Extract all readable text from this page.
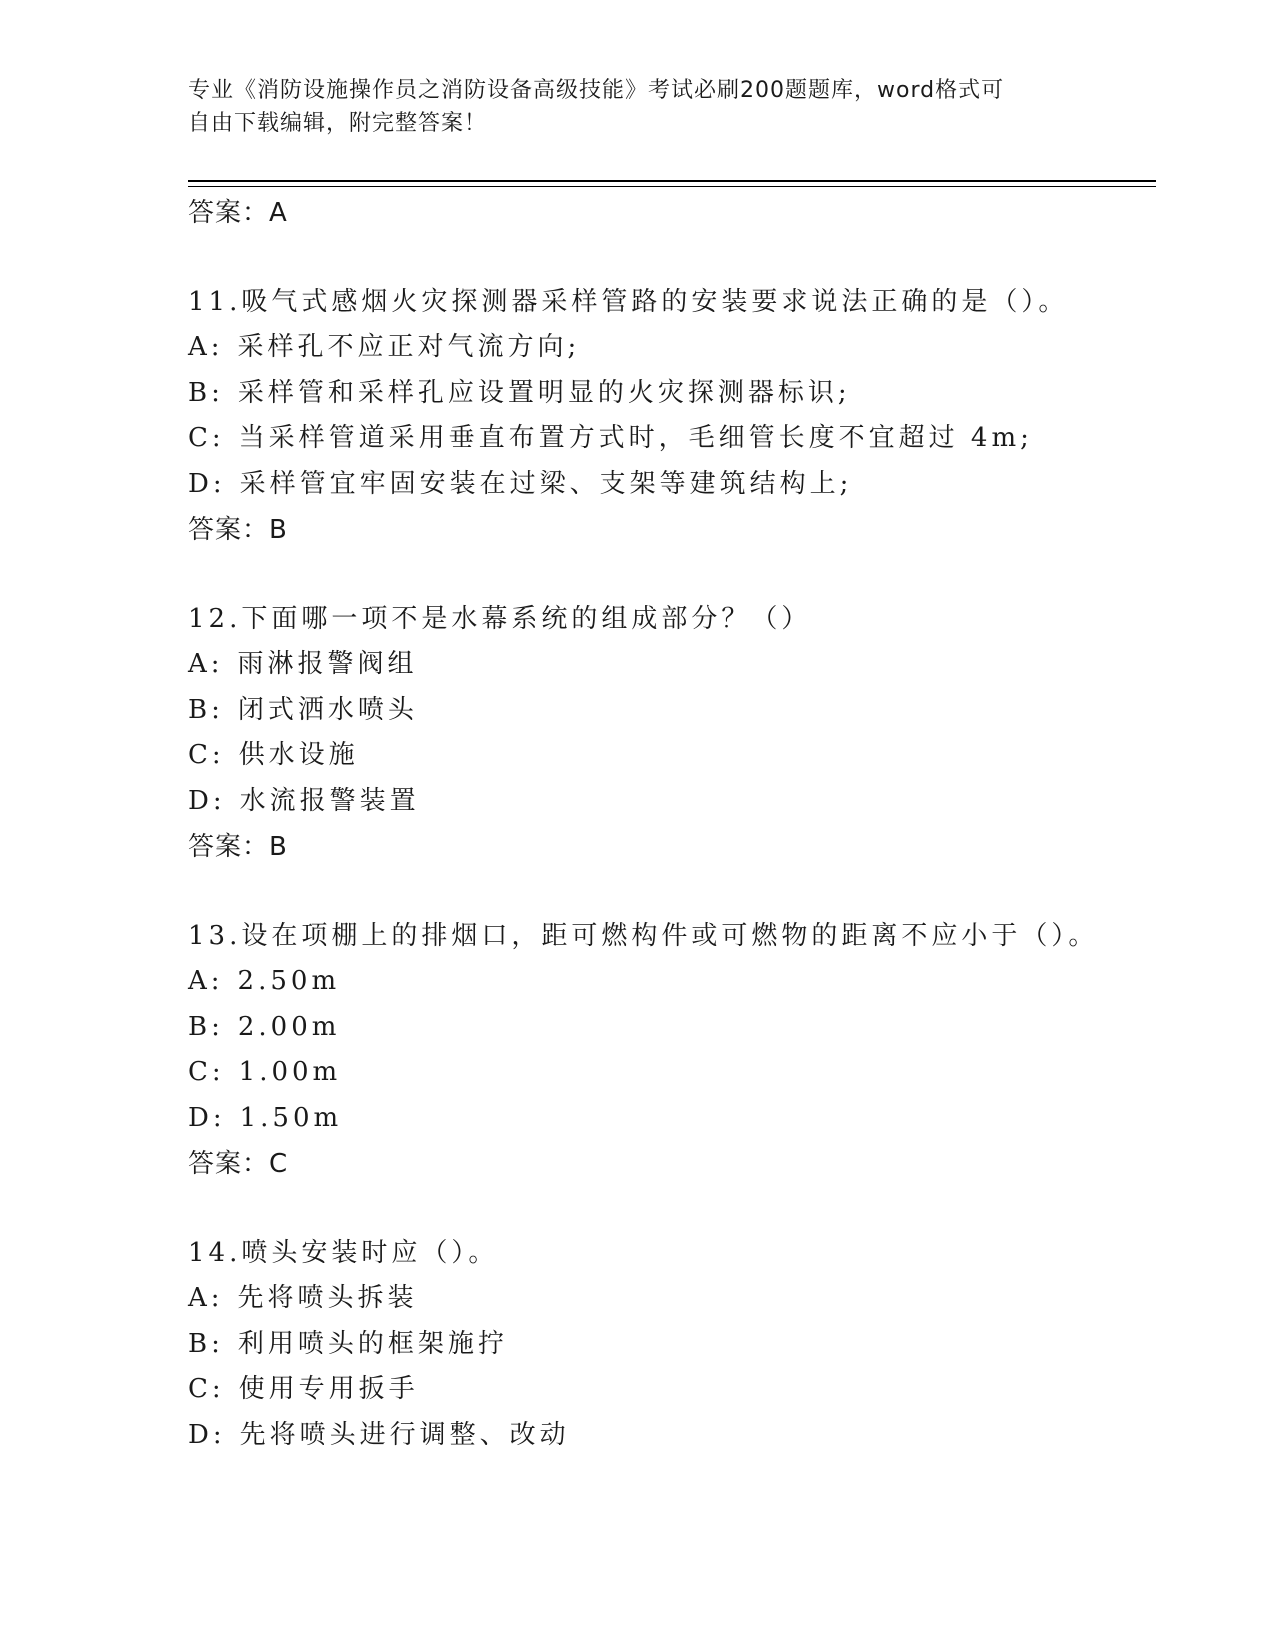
专业《消防设施操作员之消防设备高级技能》考试必刷200题题库，word格式可
自由下载编辑，附完整答案！
答案：A
11.吸气式感烟火灾探测器采样管路的安装要求说法正确的是（）。
A: 采样孔不应正对气流方向;
B: 采样管和采样孔应设置明显的火灾探测器标识;
C: 当采样管道采用垂直布置方式时，毛细管长度不宜超过 4m;
D: 采样管宜牢固安装在过梁、支架等建筑结构上;
答案：B
12.下面哪一项不是水幕系统的组成部分？（）
A: 雨淋报警阀组
B: 闭式洒水喷头
C: 供水设施
D: 水流报警装置
答案：B
13.设在项棚上的排烟口，距可燃构件或可燃物的距离不应小于（）。
A: 2.50m
B: 2.00m
C: 1.00m
D: 1.50m
答案：C
14.喷头安装时应（）。
A: 先将喷头拆装
B: 利用喷头的框架施拧
C: 使用专用扳手
D: 先将喷头进行调整、改动
